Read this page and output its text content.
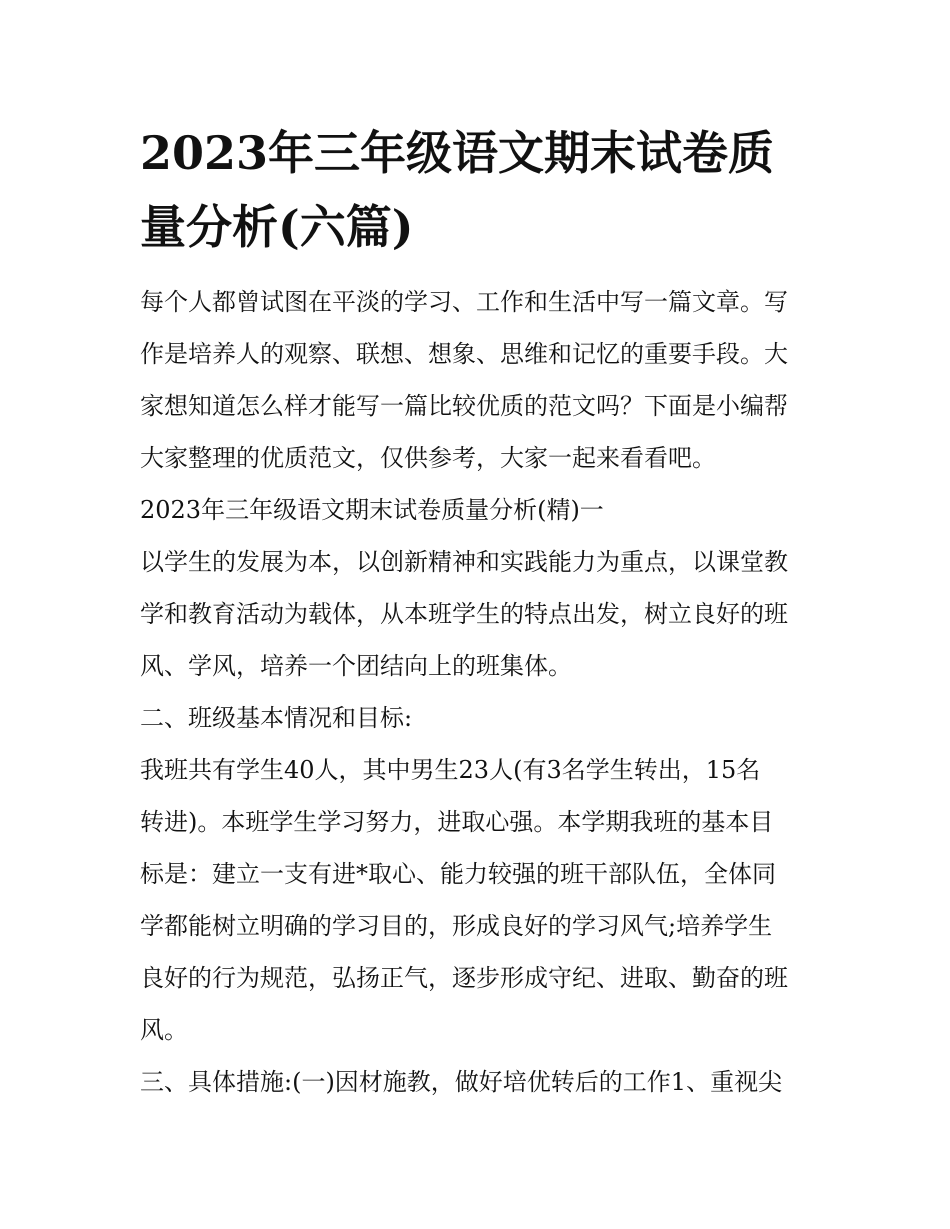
2023年三年级语文期末试卷质
量分析(六篇)
每个人都曾试图在平淡的学习、工作和生活中写一篇文章。写
作是培养人的观察、联想、想象、思维和记忆的重要手段。大
家想知道怎么样才能写一篇比较优质的范文吗？下面是小编帮
大家整理的优质范文，仅供参考，大家一起来看看吧。
2023年三年级语文期末试卷质量分析(精)一
以学生的发展为本，以创新精神和实践能力为重点，以课堂教
学和教育活动为载体，从本班学生的特点出发，树立良好的班
风、学风，培养一个团结向上的班集体。
二、班级基本情况和目标:
我班共有学生40人，其中男生23人(有3名学生转出，15名
转进)。本班学生学习努力，进取心强。本学期我班的基本目
标是：建立一支有进*取心、能力较强的班干部队伍，全体同
学都能树立明确的学习目的，形成良好的学习风气;培养学生
良好的行为规范，弘扬正气，逐步形成守纪、进取、勤奋的班
风。
三、具体措施:(一)因材施教，做好培优转后的工作1、重视尖
